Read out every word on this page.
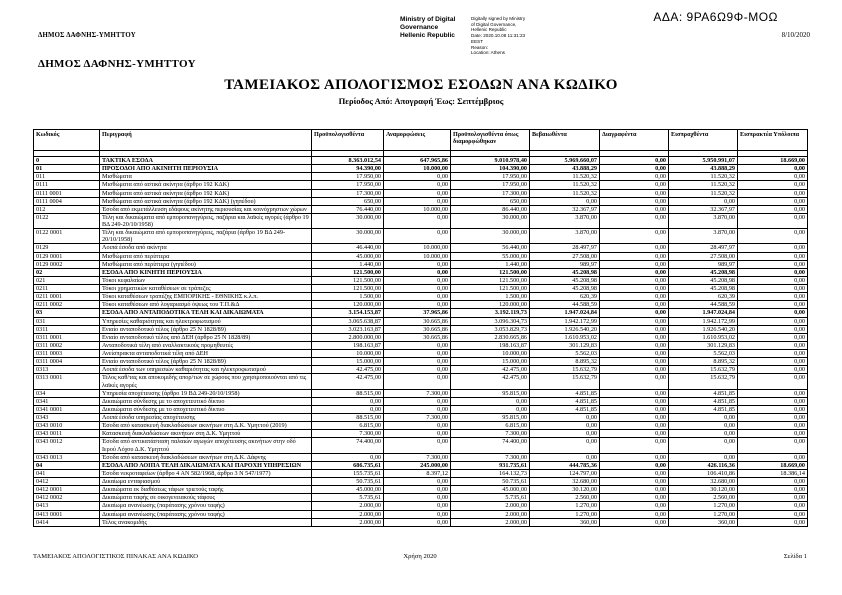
ΔΗΜΟΣ ΔΑΦΝΗΣ-ΥΜΗΤΤΟΥ
ΑΔΑ: 9ΡΑ6Ω9Φ-ΜΟΩ
Ministry of Digital Governance Hellenic Republic
Digitally signed by Ministry
of Digital Governance,
Hellenic Republic
Date: 2020.10.08 11:31:23
EEST
Reason:
Location: Athens
8/10/2020
ΔΗΜΟΣ ΔΑΦΝΗΣ-ΥΜΗΤΤΟΥ
ΤΑΜΕΙΑΚΟΣ ΑΠΟΛΟΓΙΣΜΟΣ ΕΣΟΔΩΝ ΑΝΑ ΚΩΔΙΚΟ
Περίοδος Από: Απογραφή Έως: Σεπτέμβριος
Κωδικός	Περιγραφή	Προϋπολογισθέντα	Αναμορφώσεις	Προϋπολογισθέντα όπως διαμορφώθηκαν	Βεβαιωθέντα	Διαγραφέντα	Εισπραχθέντα	Εισπρακτέα Υπόλοιπα

0	ΤΑΚΤΙΚΑ ΕΣΟΔΑ	8.363.012,54	647.965,86	9.010.978,40	5.969.660,07	0,00	5.950.991,07	18.669,00
01	ΠΡΟΣΟΔΟΙ ΑΠΟ ΑΚΙΝΗΤΗ ΠΕΡΙΟΥΣΙΑ	94.390,00	10.000,00	104.390,00	43.888,29	0,00	43.888,29	0,00
011	Μισθώματα	17.950,00	0,00	17.950,00	11.520,32	0,00	11.520,32	0,00
0111	Μισθώματα από αστικά ακίνητα (άρθρο 192 ΚΔΚ)	17.950,00	0,00	17.950,00	11.520,32	0,00	11.520,32	0,00
0111 0001	Μισθώματα από αστικά ακίνητα (άρθρο 192 ΚΔΚ)	17.300,00	0,00	17.300,00	11.520,32	0,00	11.520,32	0,00
0111 0004	Μισθώματα από αστικά ακίνητα (άρθρο 192 ΚΔΚ) (γηπέδου)	650,00	0,00	650,00	0,00	0,00	0,00	0,00
012	Έσοδα από εκμετάλλευση εδάφους ακίνητης περιουσίας και κοινόχρηστων χώρων	76.440,00	10.000,00	86.440,00	32.367,97	0,00	32.367,97	0,00
0122	Τέλη και δικαιώματα από εμποροπανηγύρεις, παζάρια και λαϊκές αγορές (άρθρο 19 ΒΔ 249-20/10/1958)	30.000,00	0,00	30.000,00	3.870,00	0,00	3.870,00	0,00
0122 0001	Τέλη και δικαιώματα από εμποροπανηγύρεις, παζάρια (άρθρο 19 ΒΔ 249-20/10/1958)	30.000,00	0,00	30.000,00	3.870,00	0,00	3.870,00	0,00
0129	Λοιπά έσοδα από ακίνητα	46.440,00	10.000,00	56.440,00	28.497,97	0,00	28.497,97	0,00
0129 0001	Μισθώματα από περίπτερα	45.000,00	10.000,00	55.000,00	27.508,00	0,00	27.508,00	0,00
0129 0002	Μισθώματα από περίπτερα (γηπέδου)	1.440,00	0,00	1.440,00	989,97	0,00	989,97	0,00
02	ΕΣΟΔΑ ΑΠΟ ΚΙΝΗΤΗ ΠΕΡΙΟΥΣΙΑ	121.500,00	0,00	121.500,00	45.208,98	0,00	45.208,98	0,00
021	Τόκοι κεφαλαίων	121.500,00	0,00	121.500,00	45.208,98	0,00	45.208,98	0,00
0211	Τόκοι χρηματικών καταθέσεων σε τράπεζες	121.500,00	0,00	121.500,00	45.208,98	0,00	45.208,98	0,00
0211 0001	Τόκοι καταθέσεων τραπέζης ΕΜΠΟΡΙΚΗΣ - ΕΘΝΙΚΗΣ κ.λ.π.	1.500,00	0,00	1.500,00	620,39	0,00	620,39	0,00
0211 0002	Τόκοι καταθέσεων από λογαριασμό όψεως του Τ.Π.&Δ	120.000,00	0,00	120.000,00	44.588,59	0,00	44.588,59	0,00
03	ΕΣΟΔΑ ΑΠΟ ΑΝΤΑΠΟΔΟΤΙΚΑ ΤΕΛΗ ΚΑΙ ΔΙΚΑΙΩΜΑΤΑ	3.154.153,87	37.965,86	3.192.119,73	1.947.024,84	0,00	1.947.024,84	0,00
031	Υπηρεσίες καθαριότητας και ηλεκτροφωτισμού	3.065.638,87	30.665,86	3.096.304,73	1.942.172,99	0,00	1.942.172,99	0,00
0311	Ενιαίο ανταποδοτικό τέλος (άρθρο 25 Ν 1828/89)	3.023.163,87	30.665,86	3.053.829,73	1.926.540,20	0,00	1.926.540,20	0,00
0311 0001	Ενιαίο ανταποδοτικό τέλος από ΔΕΗ (άρθρο 25 Ν 1828/89)	2.800.000,00	30.665,86	2.830.665,86	1.610.953,02	0,00	1.610.953,02	0,00
0311 0002	Ανταποδοτικά τέλη από εναλλακτικούς προμηθευτές	198.163,87	0,00	198.163,87	301.129,83	0,00	301.129,83	0,00
0311 0003	Ανείσπρακτα ανταποδοτικά τέλη από ΔΕΗ	10.000,00	0,00	10.000,00	5.562,03	0,00	5.562,03	0,00
0311 0004	Ενιαίο ανταποδοτικό τέλος (άρθρο 25 Ν 1828/89)	15.000,00	0,00	15.000,00	8.895,32	0,00	8.895,32	0,00
0313	Λοιπά έσοδα των υπηρεσιών καθαριότητας και ηλεκτροφωτισμού	42.475,00	0,00	42.475,00	15.632,79	0,00	15.632,79	0,00
0313 0001	Τέλος καθ/τας και αποκομιδής απορ/των σε χώρους που χρησιμοποιούνται από τις λαϊκές αγορές	42.475,00	0,00	42.475,00	15.632,79	0,00	15.632,79	0,00
034	Υπηρεσία αποχέτευσης (άρθρο 19 ΒΔ 249-20/10/1958)	88.515,00	7.300,00	95.815,00	4.851,85	0,00	4.851,85	0,00
0341	Δικαιώματα σύνδεσης με το αποχετευτικό δίκτυο	0,00	0,00	0,00	4.851,85	0,00	4.851,85	0,00
0341 0001	Δικαιώματα σύνδεσης με το αποχετευτικό δίκτυο	0,00	0,00	0,00	4.851,85	0,00	4.851,85	0,00
0343	Λοιπά έσοδα υπηρεσίας αποχέτευσης	88.515,00	7.300,00	95.815,00	0,00	0,00	0,00	0,00
0343 0010	Έσοδα από κατασκευή διακλαδώσεων ακινήτων στη Δ.Κ. Υμηττού (2019)	6.815,00	0,00	6.815,00	0,00	0,00	0,00	0,00
0343 0011	Κατασκευή διακλαδώσεων ακινήτων στη Δ.Κ. Υμηττού	7.300,00	0,00	7.300,00	0,00	0,00	0,00	0,00
0343 0012	Έσοδα από αντικατάσταση παλαιών αγωγών αποχέτευσης ακινήτων στην οδό Ιερού Λόχου Δ.Κ. Υμηττού	74.400,00	0,00	74.400,00	0,00	0,00	0,00	0,00
0343 0013	Έσοδα από κατασκευή διακλαδώσεων ακινήτων στη Δ.Κ. Δάφνης	0,00	7.300,00	7.300,00	0,00	0,00	0,00	0,00
04	ΕΣΟΔΑ ΑΠΟ ΛΟΙΠΑ ΤΕΛΗ ΔΙΚΑΙΩΜΑΤΑ ΚΑΙ ΠΑΡΟΧΗ ΥΠΗΡΕΣΙΩΝ	686.735,61	245.000,00	931.735,61	444.785,36	0,00	426.116,36	18.669,00
041	Έσοδα νεκροταφείων (άρθρο 4 ΑΝ 582/1968, άρθρο 3 Ν 547/1977)	155.735,61	8.397,12	164.132,73	124.797,00	0,00	106.410,86	18.386,14
0412	Δικαίωμα ενταφιασμού	50.735,61	0,00	50.735,61	32.680,00	0,00	32.680,00	0,00
0412 0001	Δικαιώματα εκ διαθέσεως τάφων τριετούς ταφής	45.000,00	0,00	45.000,00	30.120,00	0,00	30.120,00	0,00
0412 0002	Δικαιώματα ταφής σε οικογενειακούς τάφους	5.735,61	0,00	5.735,61	2.560,00	0,00	2.560,00	0,00
0413	Δικαίωμα ανανέωσης (παράτασης χρόνου ταφής)	2.000,00	0,00	2.000,00	1.270,00	0,00	1.270,00	0,00
0413 0001	Δικαίωμα ανανέωσης (παράτασης χρόνου ταφής)	2.000,00	0,00	2.000,00	1.270,00	0,00	1.270,00	0,00
0414	Τέλος ανακομιδής	2.000,00	0,00	2.000,00	360,00	0,00	360,00	0,00
ΤΑΜΕΙΑΚΟΣ ΑΠΟΛΟΓΙΣΤΙΚΟΣ ΠΙΝΑΚΑΣ ΑΝΑ ΚΩΔΙΚΟ	Χρήση 2020	Σελίδα 1
